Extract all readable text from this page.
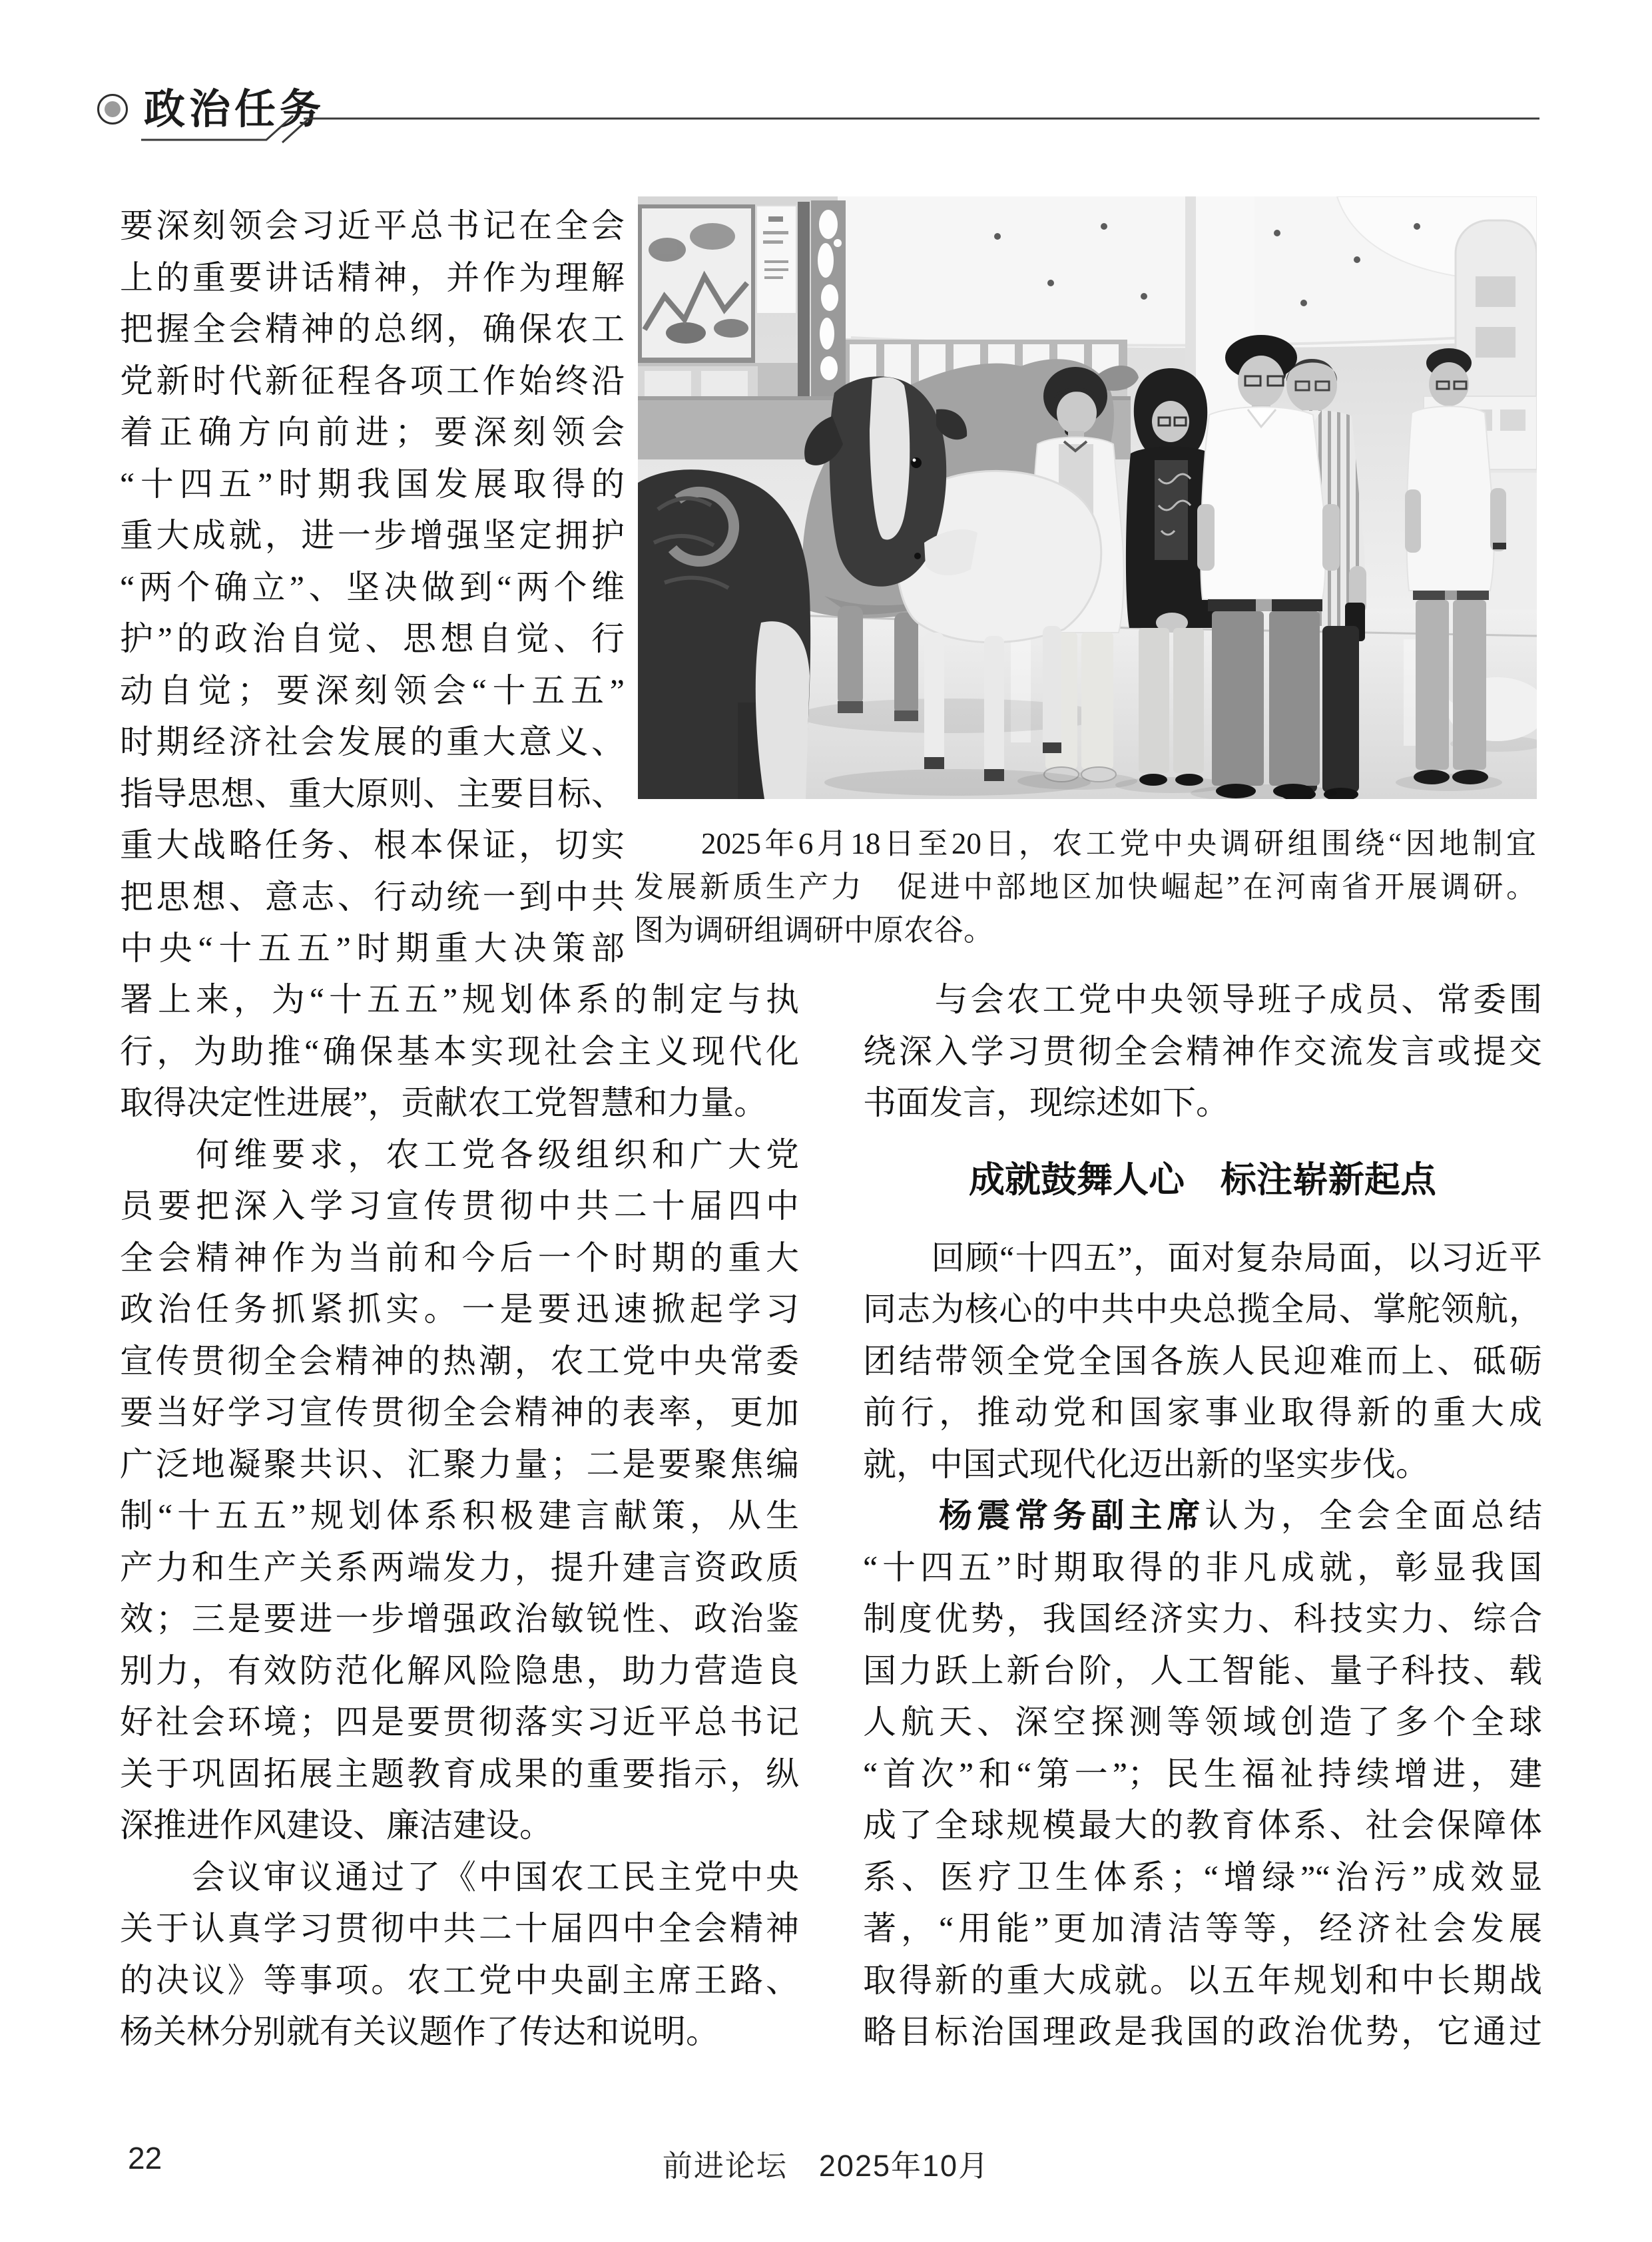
政治任务
　　2025年6月18日至20日，农工党中央调研组围绕“因地制宜
发展新质生产力　促进中部地区加快崛起”在河南省开展调研。
图为调研组调研中原农谷。
要深刻领会习近平总书记在全会
上的重要讲话精神，并作为理解
把握全会精神的总纲，确保农工
党新时代新征程各项工作始终沿
着正确方向前进；要深刻领会
“十四五”时期我国发展取得的
重大成就，进一步增强坚定拥护
“两个确立”、坚决做到“两个维
护”的政治自觉、思想自觉、行
动自觉；要深刻领会“十五五”
时期经济社会发展的重大意义、
指导思想、重大原则、主要目标、
重大战略任务、根本保证，切实
把思想、意志、行动统一到中共
中央“十五五”时期重大决策部
署上来，为“十五五”规划体系的制定与执
行，为助推“确保基本实现社会主义现代化
取得决定性进展”，贡献农工党智慧和力量。
　　何维要求，农工党各级组织和广大党
员要把深入学习宣传贯彻中共二十届四中
全会精神作为当前和今后一个时期的重大
政治任务抓紧抓实。一是要迅速掀起学习
宣传贯彻全会精神的热潮，农工党中央常委
要当好学习宣传贯彻全会精神的表率，更加
广泛地凝聚共识、汇聚力量；二是要聚焦编
制“十五五”规划体系积极建言献策，从生
产力和生产关系两端发力，提升建言资政质
效；三是要进一步增强政治敏锐性、政治鉴
别力，有效防范化解风险隐患，助力营造良
好社会环境；四是要贯彻落实习近平总书记
关于巩固拓展主题教育成果的重要指示，纵
深推进作风建设、廉洁建设。
　　会议审议通过了《中国农工民主党中央
关于认真学习贯彻中共二十届四中全会精神
的决议》等事项。农工党中央副主席王路、
杨关林分别就有关议题作了传达和说明。
　　与会农工党中央领导班子成员、常委围
绕深入学习贯彻全会精神作交流发言或提交
书面发言，现综述如下。
成就鼓舞人心　标注崭新起点
　　回顾“十四五”，面对复杂局面，以习近平
同志为核心的中共中央总揽全局、掌舵领航，
团结带领全党全国各族人民迎难而上、砥砺
前行，推动党和国家事业取得新的重大成
就，中国式现代化迈出新的坚实步伐。
　　杨震常务副主席认为，全会全面总结
“十四五”时期取得的非凡成就，彰显我国
制度优势，我国经济实力、科技实力、综合
国力跃上新台阶，人工智能、量子科技、载
人航天、深空探测等领域创造了多个全球
“首次”和“第一”；民生福祉持续增进，建
成了全球规模最大的教育体系、社会保障体
系、医疗卫生体系；“增绿”“治污”成效显
著，“用能”更加清洁等等，经济社会发展
取得新的重大成就。以五年规划和中长期战
略目标治国理政是我国的政治优势，它通过
22	前进论坛　2025年10月
